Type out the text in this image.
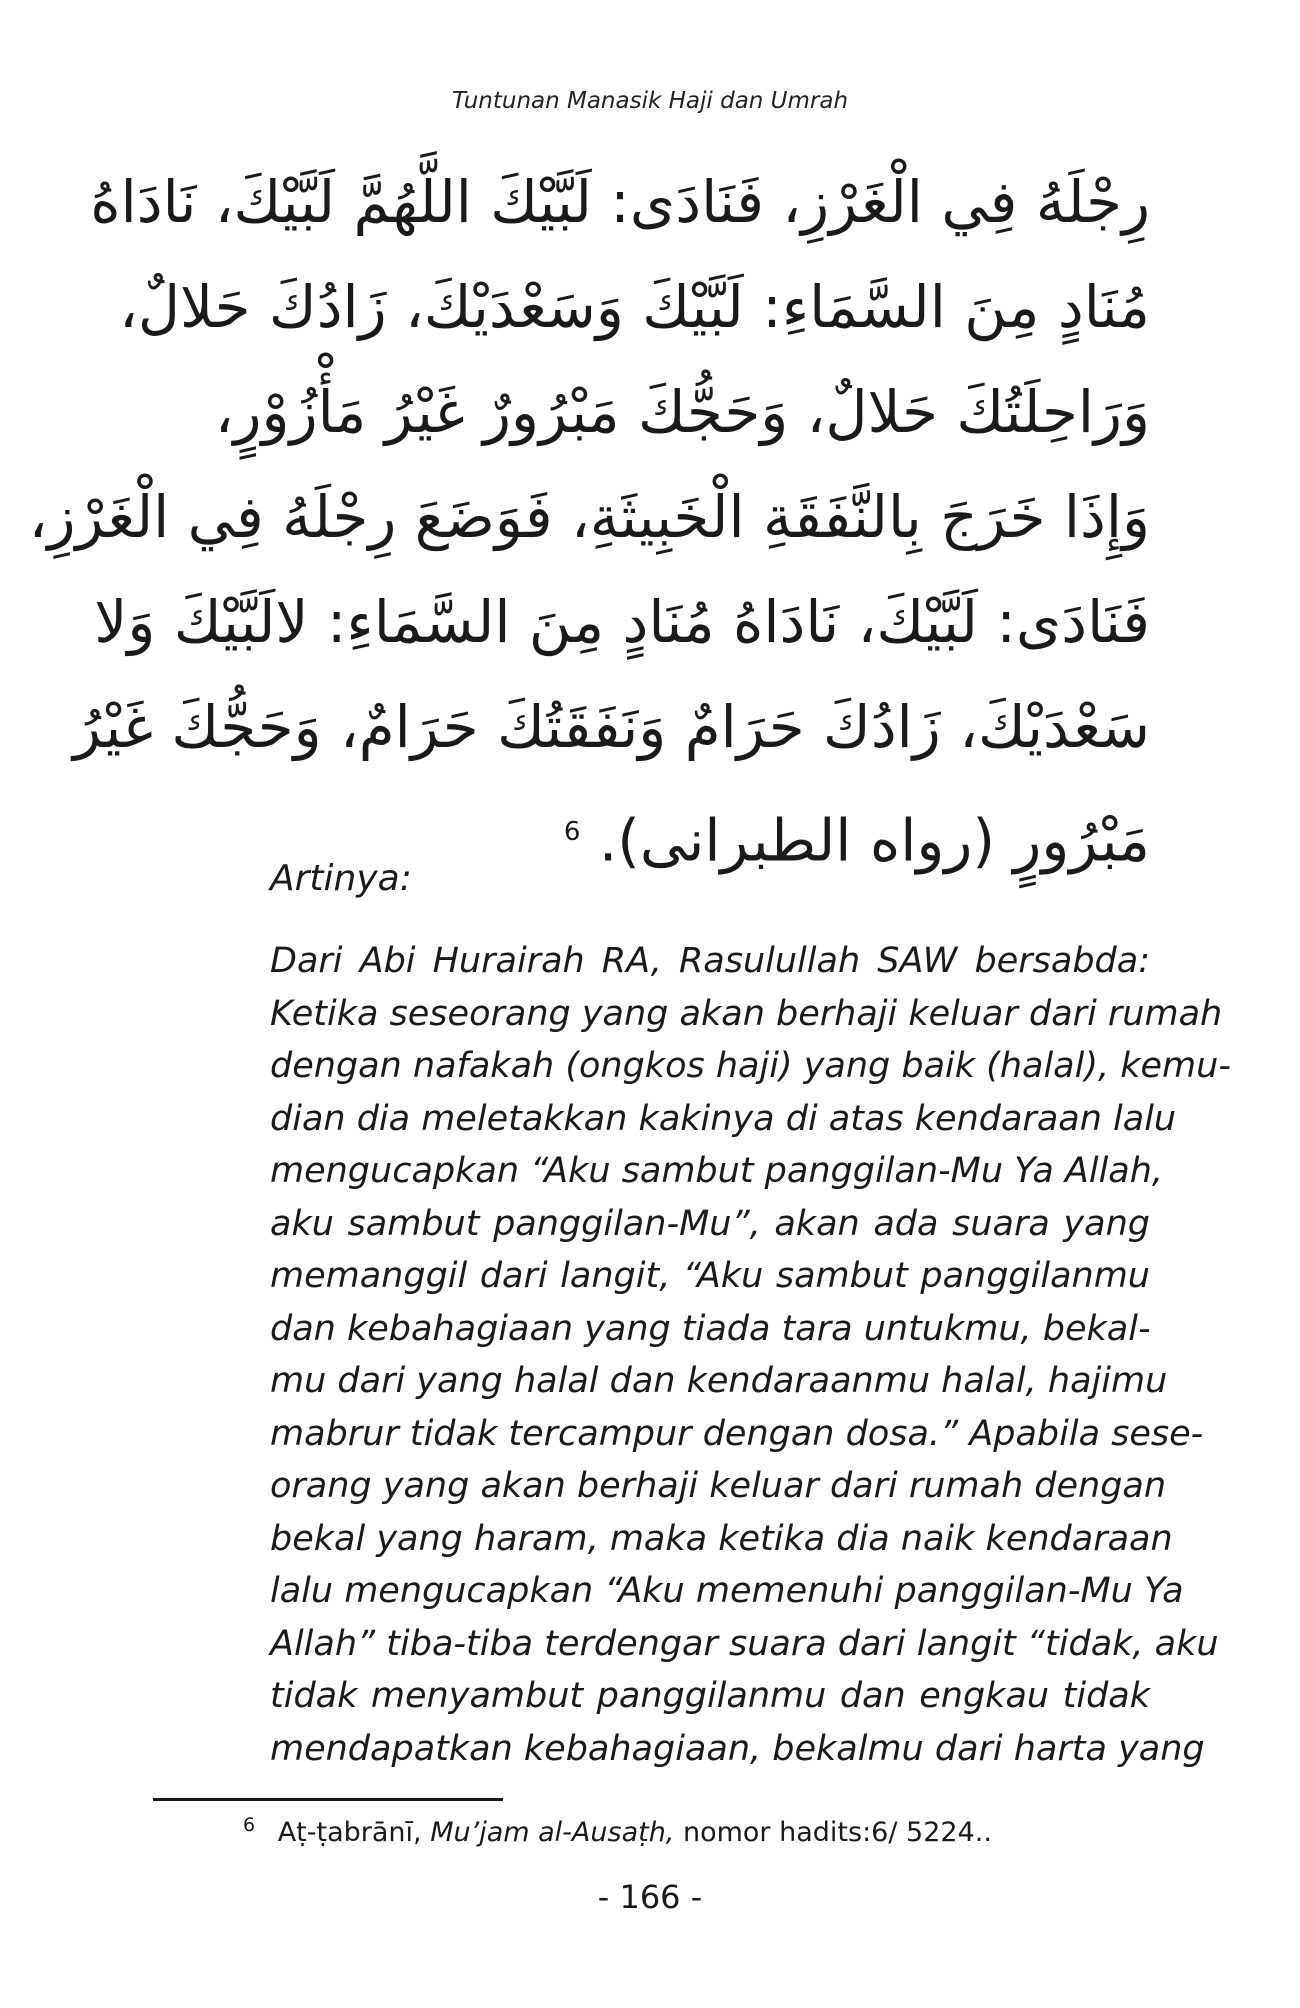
Tuntunan Manasik Haji dan Umrah
رِجْلَهُ فِي الْغَرْزِ، فَنَادَى: لَبَّيْكَ اللَّهُمَّ لَبَّيْكَ، نَادَاهُ
مُنَادٍ مِنَ السَّمَاءِ: لَبَّيْكَ وَسَعْدَيْكَ، زَادُكَ حَلالٌ،
وَرَاحِلَتُكَ حَلالٌ، وَحَجُّكَ مَبْرُورٌ غَيْرُ مَأْزُوْرٍ،
وَإِذَا خَرَجَ بِالنَّفَقَةِ الْخَبِيثَةِ، فَوَضَعَ رِجْلَهُ فِي الْغَرْزِ،
فَنَادَى: لَبَّيْكَ، نَادَاهُ مُنَادٍ مِنَ السَّمَاءِ: لالَبَّيْكَ وَلا
سَعْدَيْكَ، زَادُكَ حَرَامٌ وَنَفَقَتُكَ حَرَامٌ، وَحَجُّكَ غَيْرُ
مَبْرُورٍ (رواه الطبرانى). $^6$
Artinya:
Dari Abi Hurairah RA, Rasulullah SAW bersabda:
Ketika seseorang yang akan berhaji keluar dari rumah
dengan nafakah (ongkos haji) yang baik (halal), kemu-
dian dia meletakkan kakinya di atas kendaraan lalu
mengucapkan “Aku sambut panggilan-Mu Ya Allah,
aku sambut panggilan-Mu”, akan ada suara yang
memanggil dari langit, “Aku sambut panggilanmu
dan kebahagiaan yang tiada tara untukmu, bekal-
mu dari yang halal dan kendaraanmu halal, hajimu
mabrur tidak tercampur dengan dosa.” Apabila sese-
orang yang akan berhaji keluar dari rumah dengan
bekal yang haram, maka ketika dia naik kendaraan
lalu mengucapkan “Aku memenuhi panggilan-Mu Ya
Allah” tiba-tiba terdengar suara dari langit “tidak, aku
tidak menyambut panggilanmu dan engkau tidak
mendapatkan kebahagiaan, bekalmu dari harta yang
$^6$ Aṭ-ṭabrānī, Mu’jam al-Ausaṭh, nomor hadits:6/ 5224..
- 166 -
